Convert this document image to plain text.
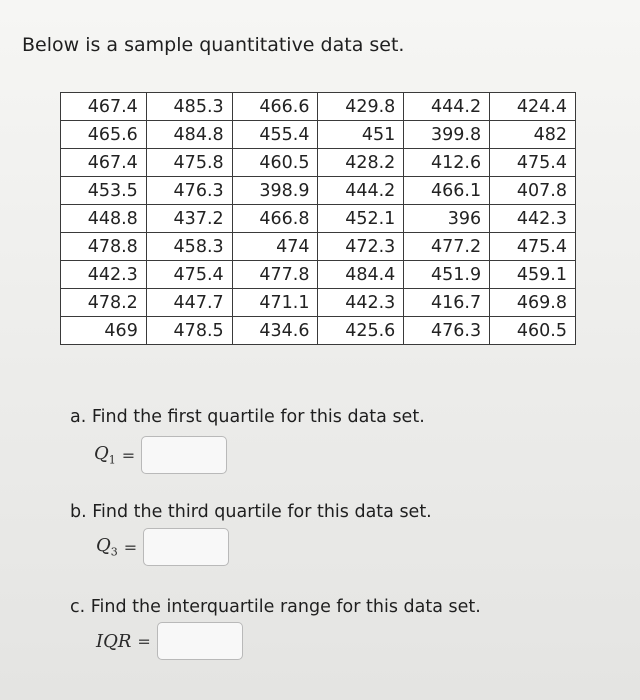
Below is a sample quantitative data set.

467.4	485.3	466.6	429.8	444.2	424.4
465.6	484.8	455.4	451	399.8	482
467.4	475.8	460.5	428.2	412.6	475.4
453.5	476.3	398.9	444.2	466.1	407.8
448.8	437.2	466.8	452.1	396	442.3
478.8	458.3	474	472.3	477.2	475.4
442.3	475.4	477.8	484.4	451.9	459.1
478.2	447.7	471.1	442.3	416.7	469.8
469	478.5	434.6	425.6	476.3	460.5

a. Find the first quartile for this data set.

$Q_1$ =

b. Find the third quartile for this data set.

$Q_3$ =

c. Find the interquartile range for this data set.

IQR =
